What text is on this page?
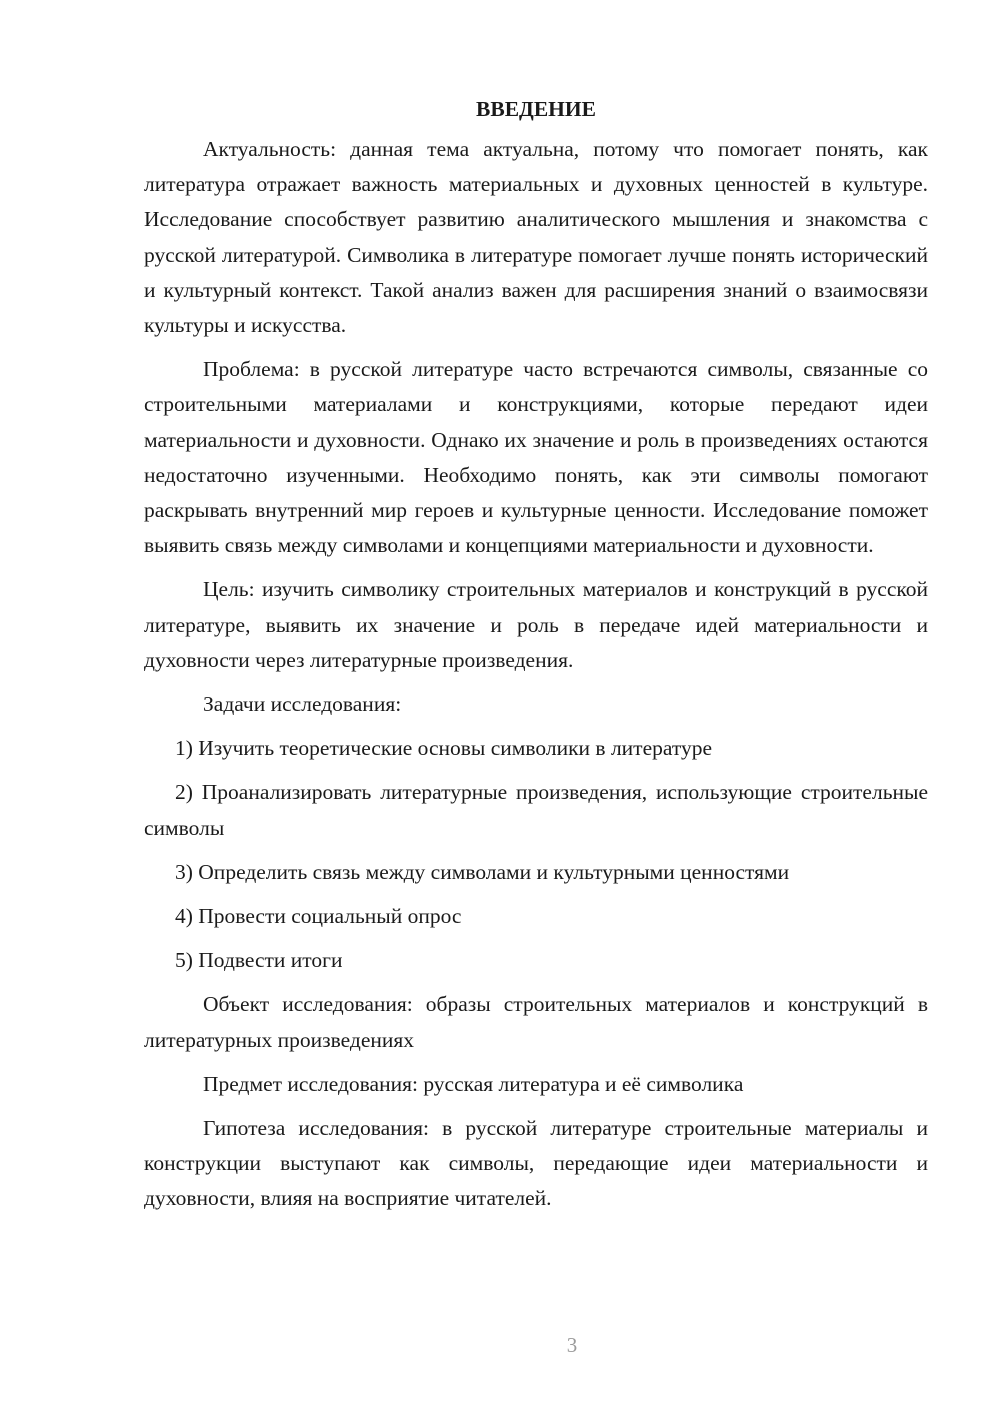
ВВЕДЕНИЕ

Актуальность: данная тема актуальна, потому что помогает понять, как литература отражает важность материальных и духовных ценностей в культуре. Исследование способствует развитию аналитического мышления и знакомства с русской литературой. Символика в литературе помогает лучше понять исторический и культурный контекст. Такой анализ важен для расширения знаний о взаимосвязи культуры и искусства.

Проблема: в русской литературе часто встречаются символы, связанные со строительными материалами и конструкциями, которые передают идеи материальности и духовности. Однако их значение и роль в произведениях остаются недостаточно изученными. Необходимо понять, как эти символы помогают раскрывать внутренний мир героев и культурные ценности. Исследование поможет выявить связь между символами и концепциями материальности и духовности.

Цель: изучить символику строительных материалов и конструкций в русской литературе, выявить их значение и роль в передаче идей материальности и духовности через литературные произведения.

Задачи исследования:

1) Изучить теоретические основы символики в литературе

2) Проанализировать литературные произведения, использующие строительные символы

3) Определить связь между символами и культурными ценностями

4) Провести социальный опрос

5) Подвести итоги

Объект исследования: образы строительных материалов и конструкций в литературных произведениях

Предмет исследования: русская литература и её символика

Гипотеза исследования: в русской литературе строительные материалы и конструкции выступают как символы, передающие идеи материальности и духовности, влияя на восприятие читателей.

3
